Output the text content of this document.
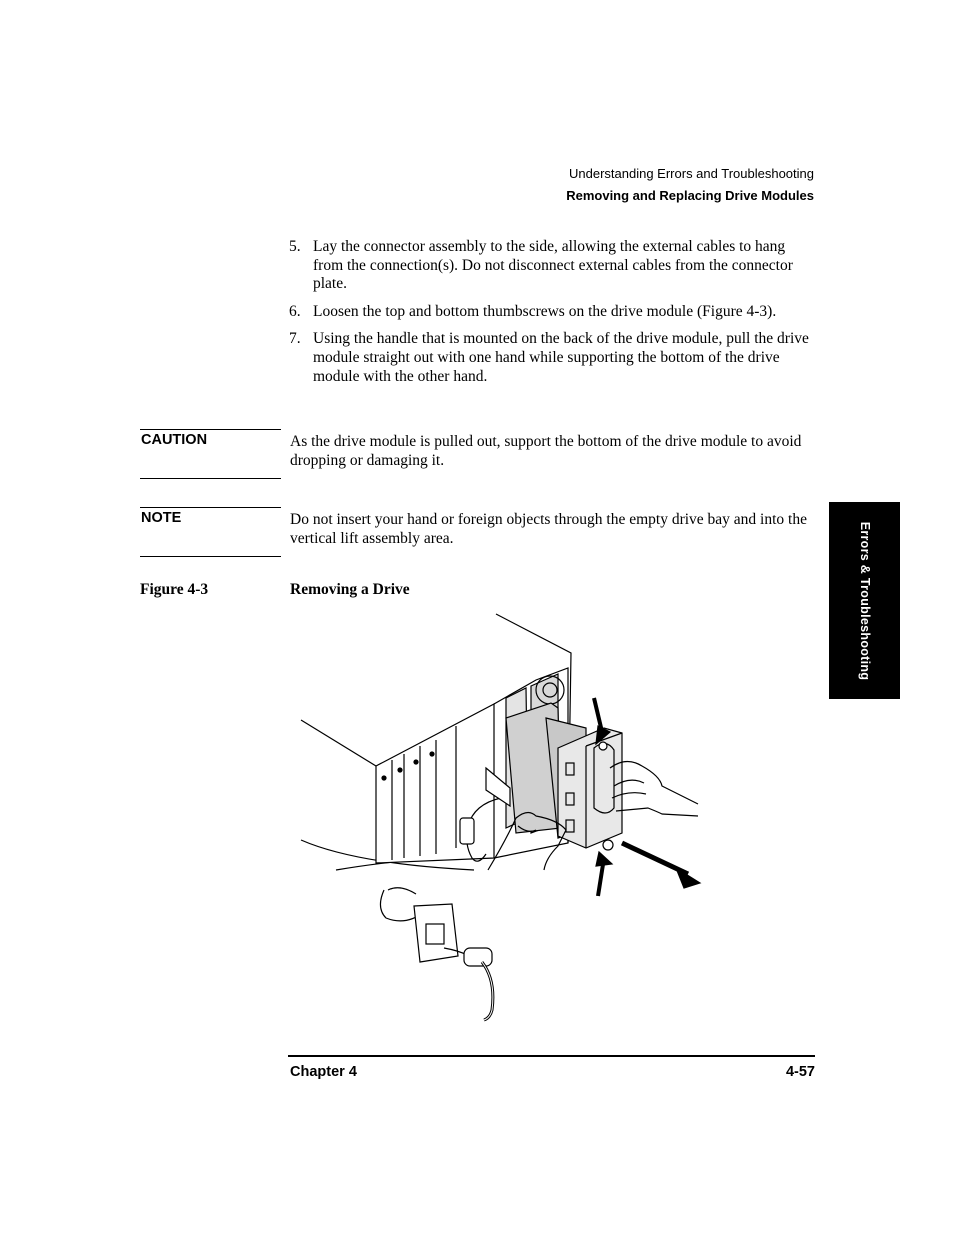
Understanding Errors and Troubleshooting
Removing and Replacing Drive Modules
5. Lay the connector assembly to the side, allowing the external cables to hang from the connection(s). Do not disconnect external cables from the connector plate.
6. Loosen the top and bottom thumbscrews on the drive module (Figure 4-3).
7. Using the handle that is mounted on the back of the drive module, pull the drive module straight out with one hand while supporting the bottom of the drive module with the other hand.
CAUTION	As the drive module is pulled out, support the bottom of the drive module to avoid dropping or damaging it.
NOTE	Do not insert your hand or foreign objects through the empty drive bay and into the vertical lift assembly area.
Figure 4-3	Removing a Drive	Errors & Troubleshooting
Chapter 4	4-57
